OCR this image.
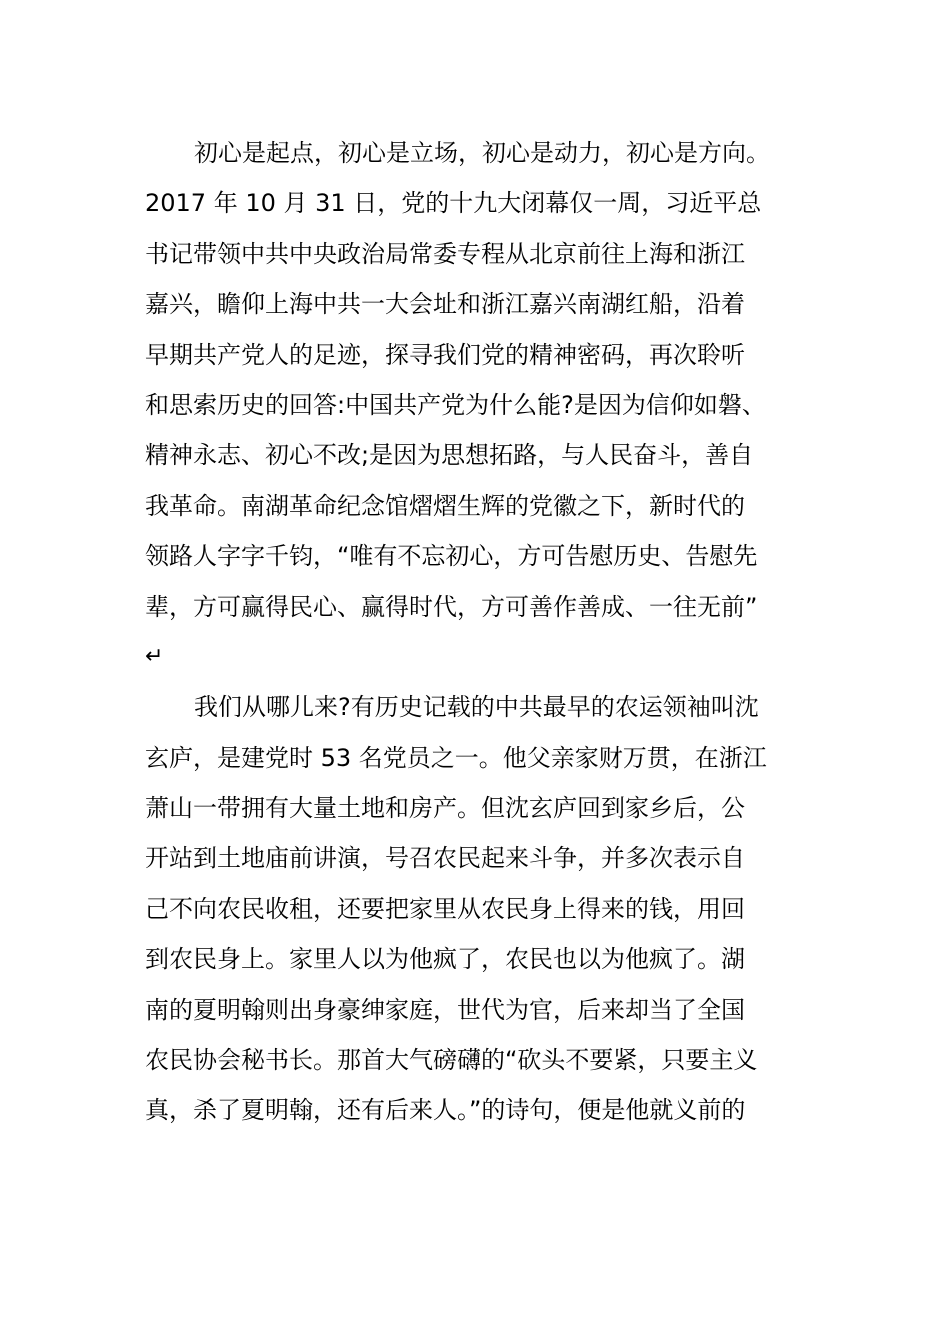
初心是起点，初心是立场，初心是动力，初心是方向。
2017 年 10 月 31 日，党的十九大闭幕仅一周，习近平总
书记带领中共中央政治局常委专程从北京前往上海和浙江
嘉兴，瞻仰上海中共一大会址和浙江嘉兴南湖红船，沿着
早期共产党人的足迹，探寻我们党的精神密码，再次聆听
和思索历史的回答:中国共产党为什么能?是因为信仰如磐、
精神永志、初心不改;是因为思想拓路，与人民奋斗，善自
我革命。南湖革命纪念馆熠熠生辉的党徽之下，新时代的
领路人字字千钧，“唯有不忘初心，方可告慰历史、告慰先
辈，方可赢得民心、赢得时代，方可善作善成、一往无前”
↵
我们从哪儿来?有历史记载的中共最早的农运领袖叫沈
玄庐，是建党时 53 名党员之一。他父亲家财万贯，在浙江
萧山一带拥有大量土地和房产。但沈玄庐回到家乡后，公
开站到土地庙前讲演，号召农民起来斗争，并多次表示自
己不向农民收租，还要把家里从农民身上得来的钱，用回
到农民身上。家里人以为他疯了，农民也以为他疯了。湖
南的夏明翰则出身豪绅家庭，世代为官，后来却当了全国
农民协会秘书长。那首大气磅礴的“砍头不要紧，只要主义
真，杀了夏明翰，还有后来人。”的诗句，便是他就义前的
